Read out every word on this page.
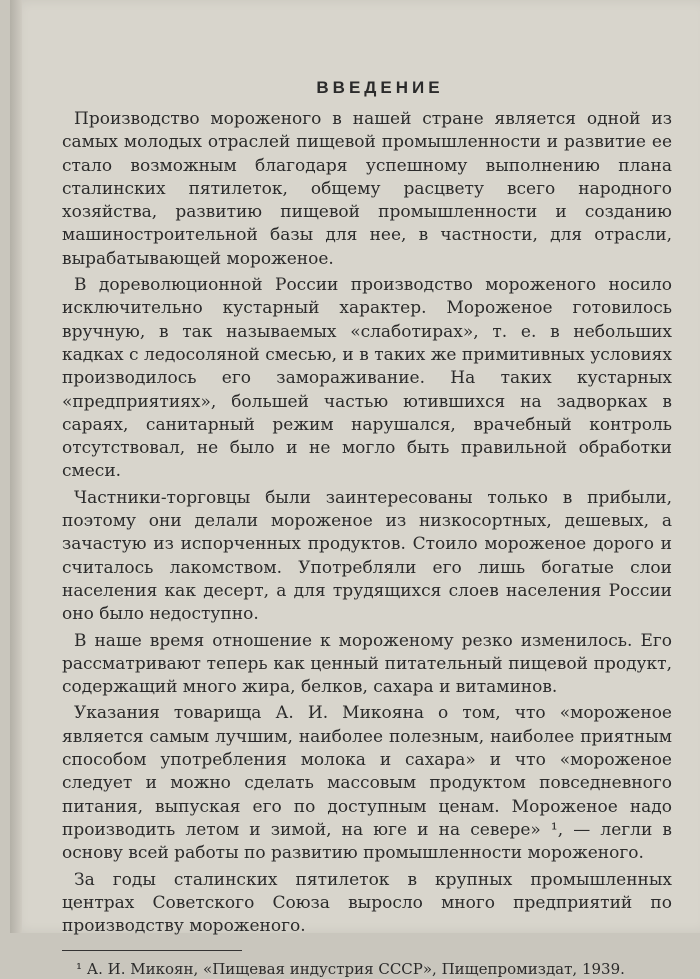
ВВЕДЕНИЕ
Производство мороженого в нашей стране является одной из самых молодых отраслей пищевой промышленности и развитие ее стало возможным благодаря успешному выполнению плана сталинских пятилеток, общему расцвету всего народного хозяйства, развитию пищевой промышленности и созданию машиностроительной базы для нее, в частности, для отрасли, вырабатывающей мороженое.
В дореволюционной России производство мороженого носило исключительно кустарный характер. Мороженое готовилось вручную, в так называемых «слаботирах», т. е. в небольших кадках с ледосоляной смесью, и в таких же примитивных условиях производилось его замораживание. На таких кустарных «предприятиях», большей частью ютившихся на задворках в сараях, санитарный режим нарушался, врачебный контроль отсутствовал, не было и не могло быть правильной обработки смеси.
Частники-торговцы были заинтересованы только в прибыли, поэтому они делали мороженое из низкосортных, дешевых, а зачастую из испорченных продуктов. Стоило мороженое дорого и считалось лакомством. Употребляли его лишь богатые слои населения как десерт, а для трудящихся слоев населения России оно было недоступно.
В наше время отношение к мороженому резко изменилось. Его рассматривают теперь как ценный питательный пищевой продукт, содержащий много жира, белков, сахара и витаминов.
Указания товарища А. И. Микояна о том, что «мороженое является самым лучшим, наиболее полезным, наиболее приятным способом употребления молока и сахара» и что «мороженое следует и можно сделать массовым продуктом повседневного питания, выпуская его по доступным ценам. Мороженое надо производить летом и зимой, на юге и на севере» ¹, — легли в основу всей работы по развитию промышленности мороженого.
За годы сталинских пятилеток в крупных промышленных центрах Советского Союза выросло много предприятий по производству мороженого.
¹ А. И. Микоян, «Пищевая индустрия СССР», Пищепромиздат, 1939.
